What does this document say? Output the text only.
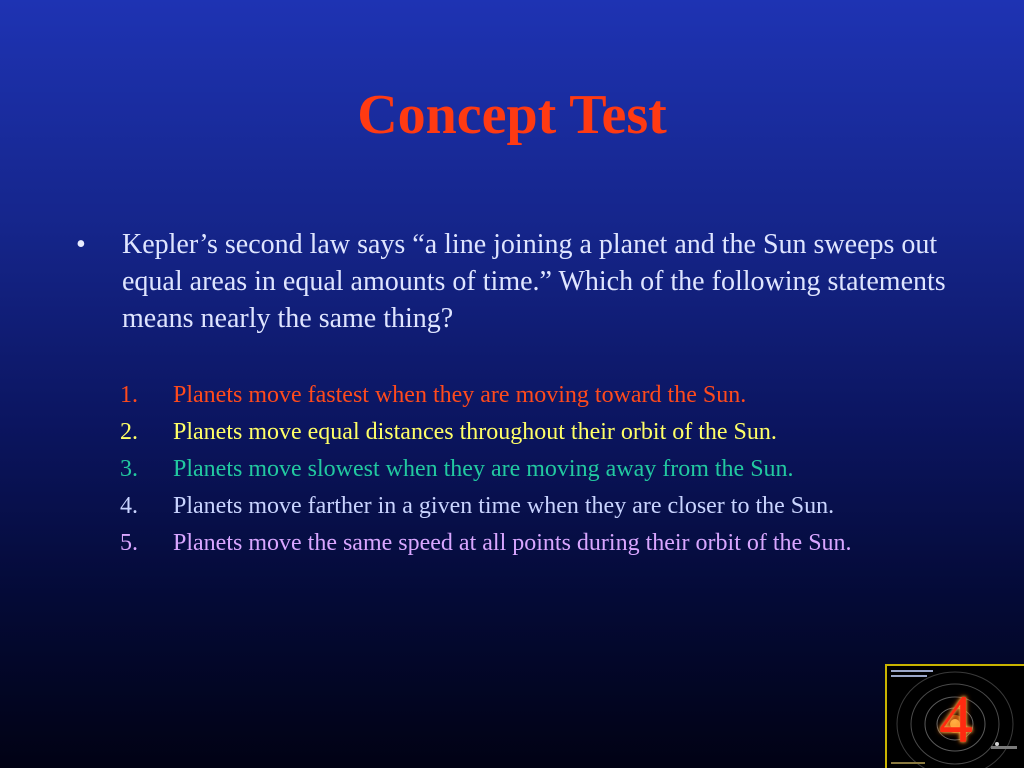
Concept Test
•	Kepler’s second law says “a line joining a planet and the Sun sweeps out equal areas in equal amounts of time.” Which of the following statements means nearly the same thing?

1.	Planets move fastest when they are moving toward the Sun.
2.	Planets move equal distances throughout their orbit of the Sun.
3.	Planets move slowest when they are moving away from the Sun.
4.	Planets move farther in a given time when they are closer to the Sun.
5.	Planets move the same speed at all points during their orbit of the Sun.
4
